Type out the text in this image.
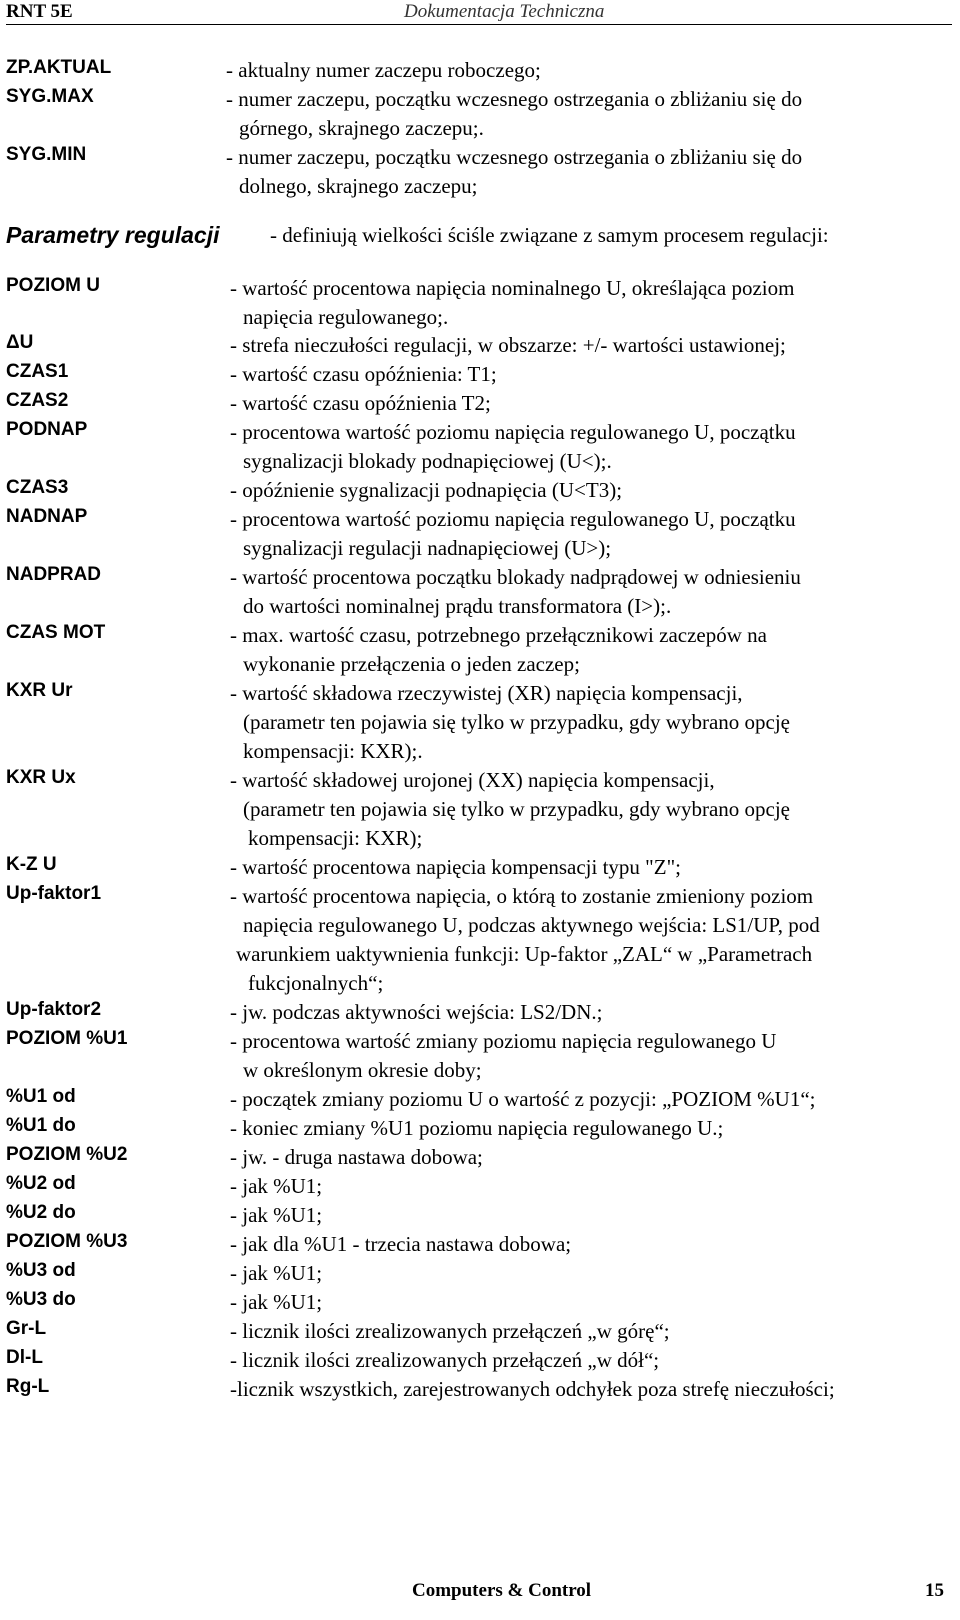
RNT 5E	Dokumentacja Techniczna
ZP.AKTUAL	- aktualny numer zaczepu roboczego;
SYG.MAX	- numer zaczepu, początku wczesnego ostrzegania o zbliżaniu się do
górnego, skrajnego zaczepu;.
SYG.MIN	- numer zaczepu, początku wczesnego ostrzegania o zbliżaniu się do
dolnego, skrajnego zaczepu;
Parametry regulacji - definiują wielkości ściśle związane z samym procesem regulacji:
POZIOM U	- wartość procentowa napięcia nominalnego U, określająca poziom
napięcia regulowanego;.
ΔU	- strefa nieczułości regulacji, w obszarze: +/- wartości ustawionej;
CZAS1	- wartość czasu opóźnienia: T1;
CZAS2	- wartość czasu opóźnienia T2;
PODNAP	- procentowa wartość poziomu napięcia regulowanego U, początku
sygnalizacji blokady podnapięciowej (U<);.
CZAS3	- opóźnienie sygnalizacji podnapięcia (U<T3);
NADNAP	- procentowa wartość poziomu napięcia regulowanego U, początku
sygnalizacji regulacji nadnapięciowej (U>);
NADPRAD	- wartość procentowa początku blokady nadprądowej w odniesieniu
do wartości nominalnej prądu transformatora (I>);.
CZAS MOT	- max. wartość czasu, potrzebnego przełącznikowi zaczepów na
wykonanie przełączenia o jeden zaczep;
KXR Ur	- wartość składowa rzeczywistej (XR) napięcia kompensacji,
(parametr ten pojawia się tylko w przypadku, gdy wybrano opcję
kompensacji: KXR);.
KXR Ux	- wartość składowej urojonej (XX) napięcia kompensacji,
(parametr ten pojawia się tylko w przypadku, gdy wybrano opcję
kompensacji: KXR);
K-Z U	- wartość procentowa napięcia kompensacji typu "Z";
Up-faktor1	- wartość procentowa napięcia, o którą to zostanie zmieniony poziom
napięcia regulowanego U, podczas aktywnego wejścia: LS1/UP, pod
warunkiem uaktywnienia funkcji: Up-faktor „ZAL“ w „Parametrach
fukcjonalnych“;
Up-faktor2	- jw. podczas aktywności wejścia: LS2/DN.;
POZIOM %U1	- procentowa wartość zmiany poziomu napięcia regulowanego U
w określonym okresie doby;
%U1 od	- początek zmiany poziomu U o wartość z pozycji: „POZIOM %U1“;
%U1 do	- koniec zmiany %U1 poziomu napięcia regulowanego U.;
POZIOM %U2	- jw. - druga nastawa dobowa;
%U2 od	- jak %U1;
%U2 do	- jak %U1;
POZIOM %U3	- jak dla %U1 - trzecia nastawa dobowa;
%U3 od	- jak %U1;
%U3 do	- jak %U1;
Gr-L	- licznik ilości zrealizowanych przełączeń „w górę“;
Dl-L	- licznik ilości zrealizowanych przełączeń „w dół“;
Rg-L	-licznik wszystkich, zarejestrowanych odchyłek poza strefę nieczułości;
Computers & Control	15
